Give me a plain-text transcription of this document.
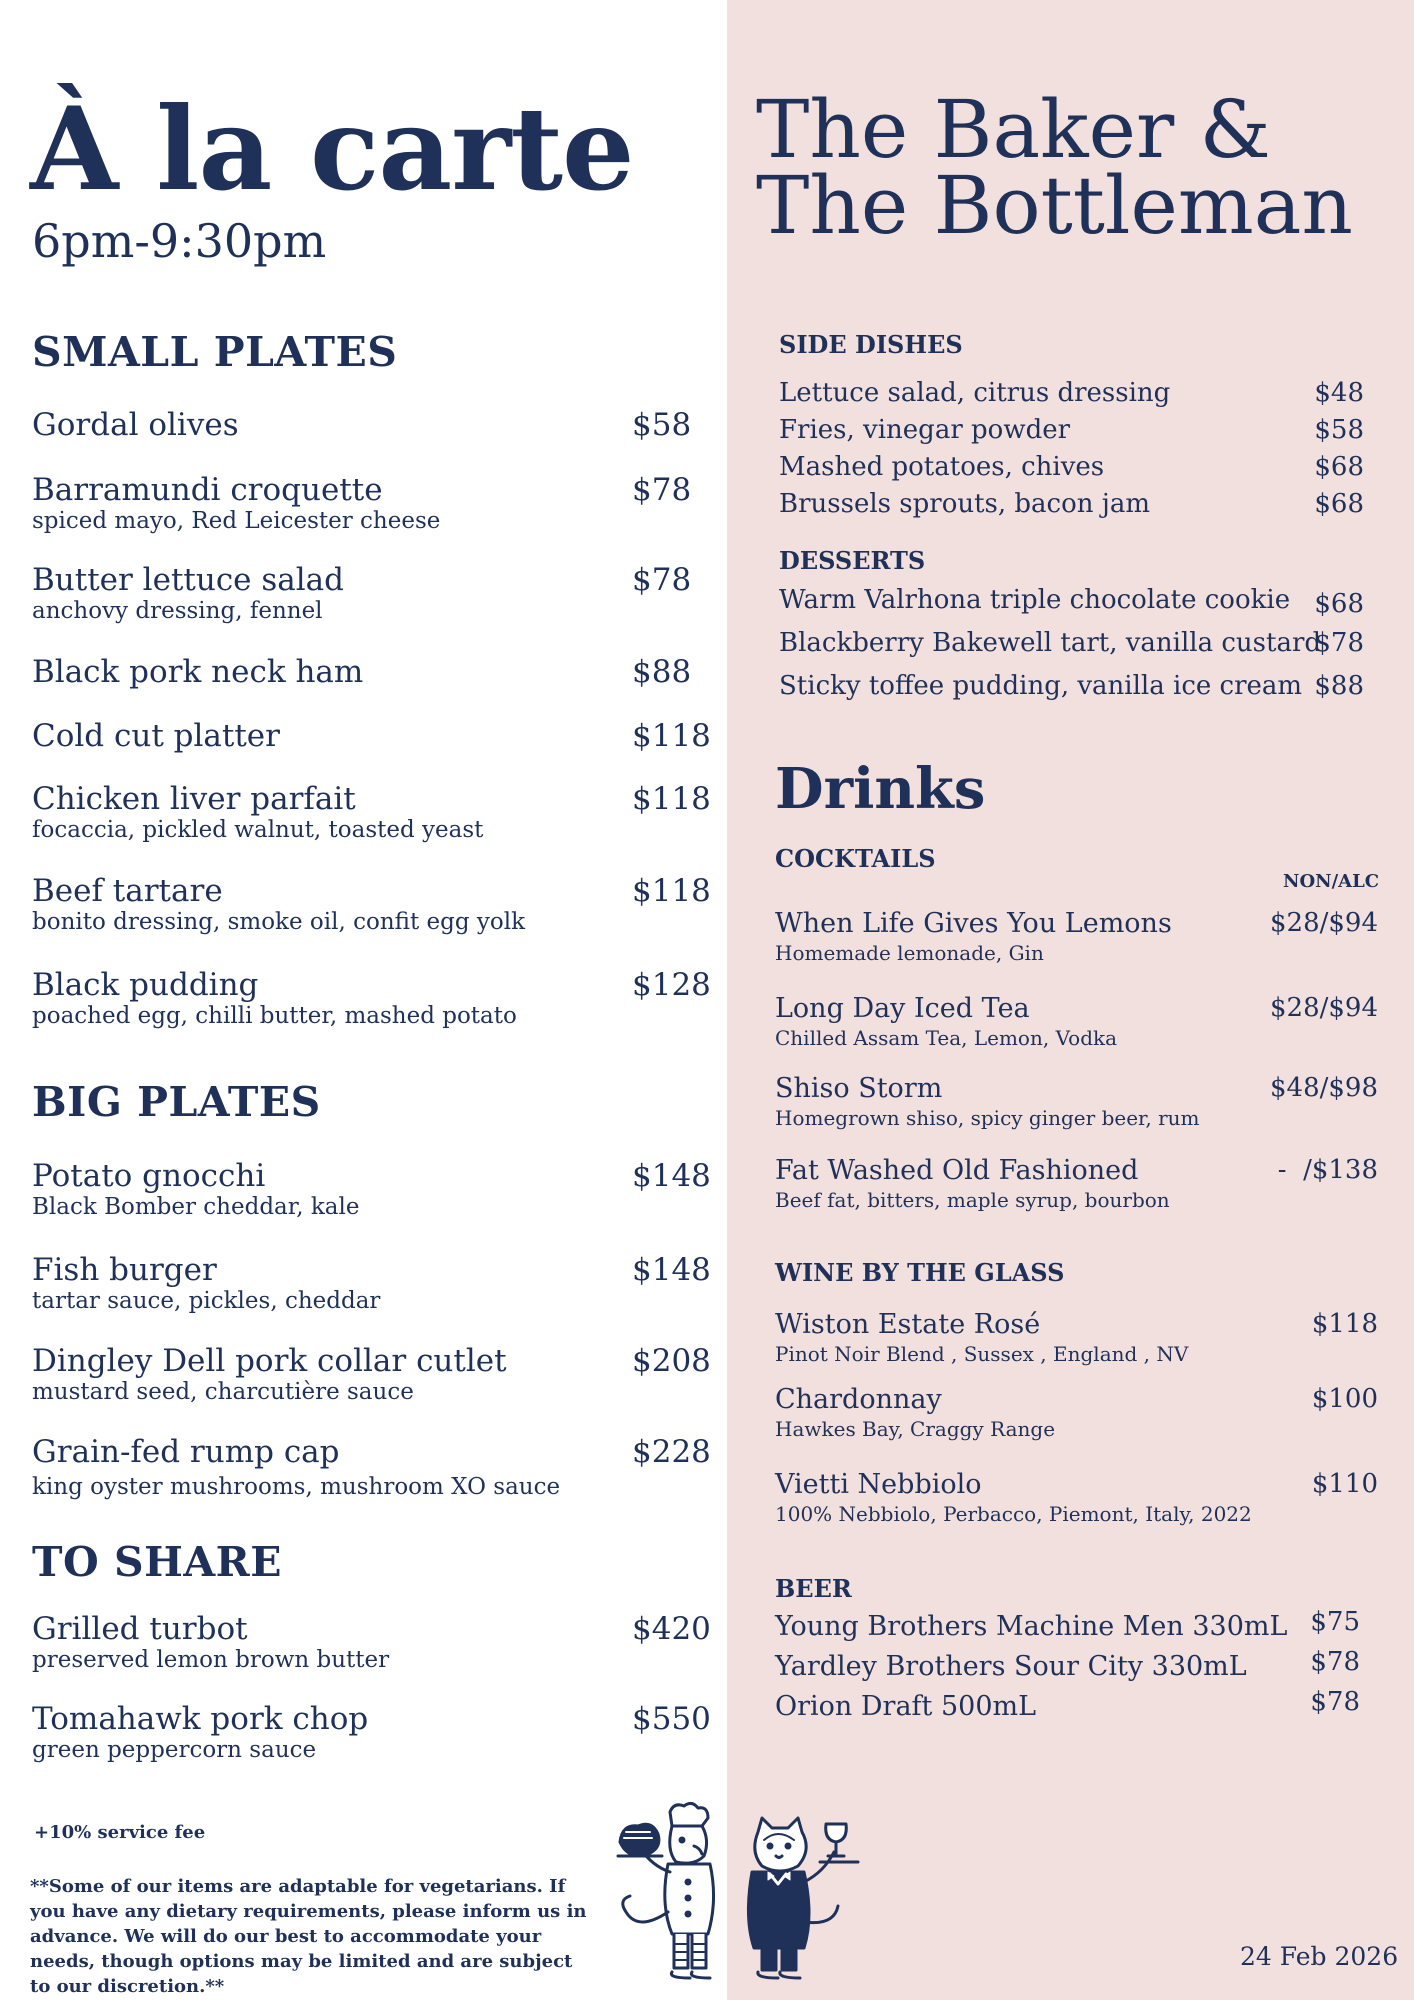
À la carte
6pm-9:30pm
The Baker &
The Bottleman
SMALL PLATES
Gordal olives	$58
Barramundi croquette
spiced mayo, Red Leicester cheese
$78
Butter lettuce salad
anchovy dressing, fennel
$78
Black pork neck ham	$88
Cold cut platter	$118
Chicken liver parfait
focaccia, pickled walnut, toasted yeast
$118
Beef tartare
bonito dressing, smoke oil, confit egg yolk
$118
Black pudding
poached egg, chilli butter, mashed potato
$128
BIG PLATES
Potato gnocchi
Black Bomber cheddar, kale
$148
Fish burger
tartar sauce, pickles, cheddar
$148
Dingley Dell pork collar cutlet
mustard seed, charcutière sauce
$208
Grain-fed rump cap
king oyster mushrooms, mushroom XO sauce
$228
TO SHARE
Grilled turbot
preserved lemon brown butter
$420
Tomahawk pork chop
green peppercorn sauce
$550
SIDE DISHES
Lettuce salad, citrus dressing	$48
Fries, vinegar powder	$58
Mashed potatoes, chives	$68
Brussels sprouts, bacon jam	$68
DESSERTS
Warm Valrhona triple chocolate cookie $68
Blackberry Bakewell tart, vanilla custard
$78
Sticky toffee pudding, vanilla ice cream $88
Drinks
COCKTAILS
NON/ALC
When Life Gives You Lemons
Homemade lemonade, Gin
$28/$94
Long Day Iced Tea
Chilled Assam Tea, Lemon, Vodka
$28/$94
Shiso Storm
Homegrown shiso, spicy ginger beer, rum
$48/$98
Fat Washed Old Fashioned
Beef fat, bitters, maple syrup, bourbon
-  /$138
WINE BY THE GLASS
Wiston Estate Rosé
Pinot Noir Blend , Sussex , England , NV
$118
Chardonnay
Hawkes Bay, Craggy Range
$100
Vietti Nebbiolo
100% Nebbiolo, Perbacco, Piemont, Italy, 2022
$110
BEER
Young Brothers Machine Men 330mL $75
Yardley Brothers Sour City 330mL	$78
Orion Draft 500mL	$78
+10% service fee
**Some of our items are adaptable for vegetarians. If you have any dietary requirements, please inform us in advance. We will do our best to accommodate your needs, though options may be limited and are subject to our discretion.**
24 Feb 2026
